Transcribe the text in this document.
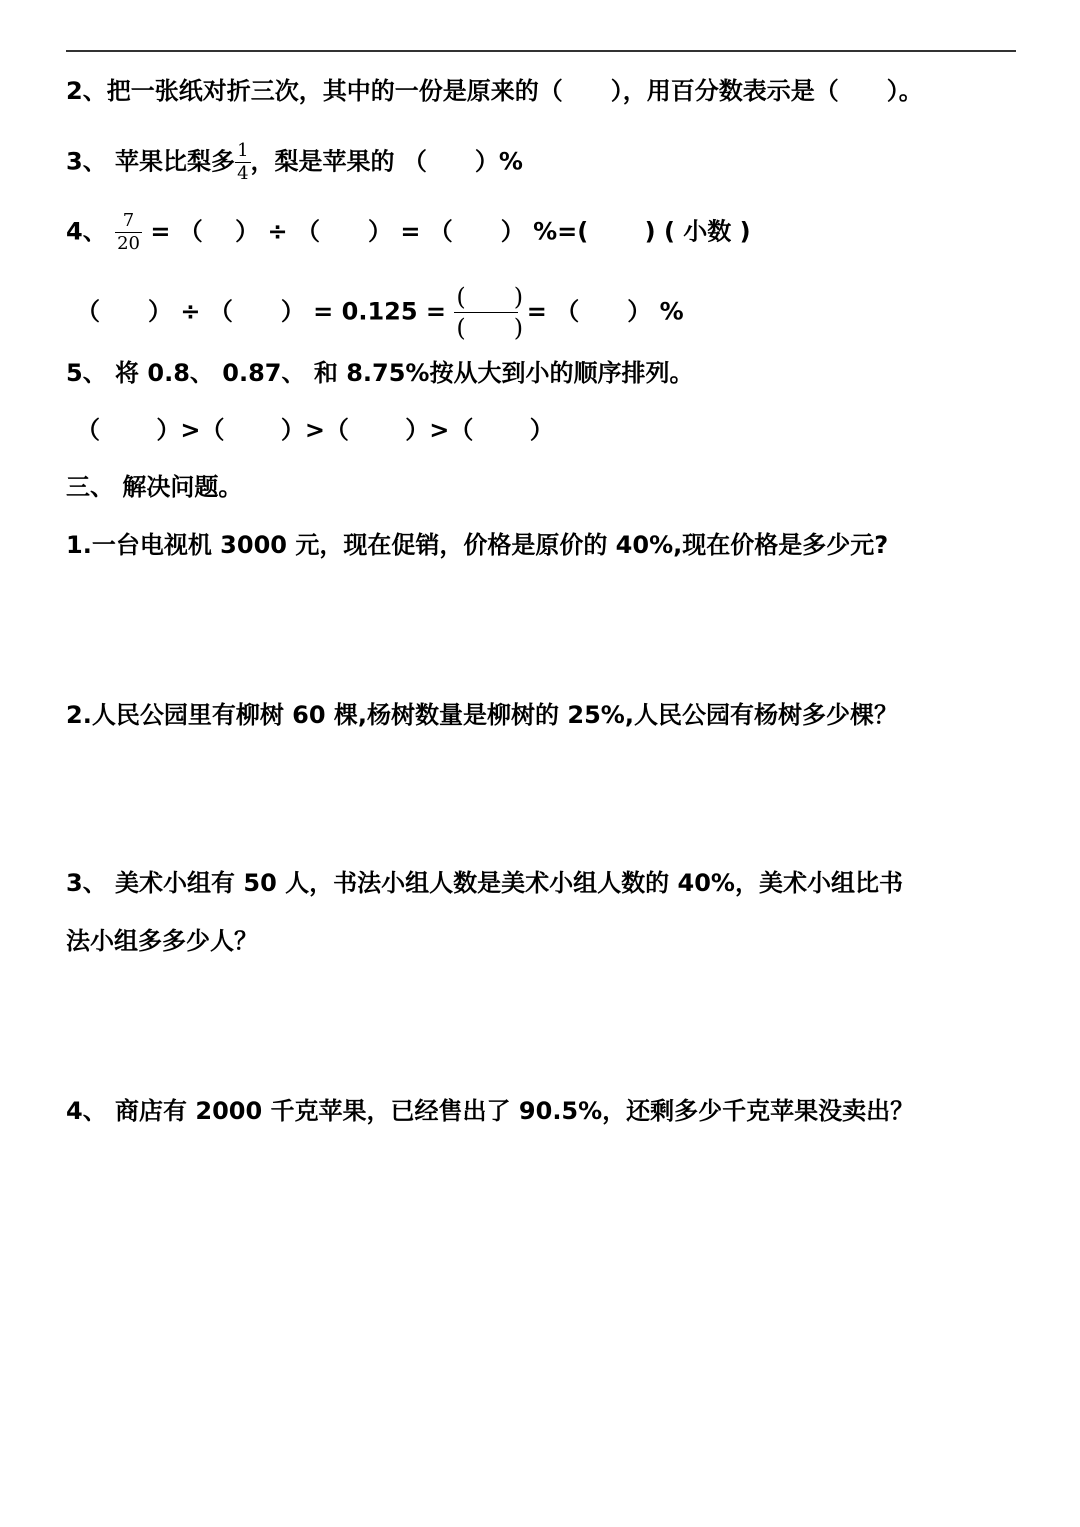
2、把一张纸对折三次，其中的一份是原来的（　　），用百分数表示是（　　）。
3、 苹果比梨多 $\frac{1}{4}$ ，梨是苹果的 （　　）%
4、 $\frac{7}{20}$ = （　 ） ÷ （　　） = （　　） %=(　　 ) ( 小数 )
（　　） ÷ （　　） = $0.125 = \frac{( )}{( )}$ = （　　） %
5、 将 0.8、 0.87、 和 8.75%按从大到小的顺序排列。
（　　 ）>（　　 ）>（　　 ）>（　　 ）
三、 解决问题。
1.一台电视机 3000 元，现在促销，价格是原价的 40%,现在价格是多少元?
2.人民公园里有柳树 60 棵,杨树数量是柳树的 25%,人民公园有杨树多少棵？
3、 美术小组有 50 人，书法小组人数是美术小组人数的 40%，美术小组比书
法小组多多少人？
4、 商店有 2000 千克苹果，已经售出了 90.5%，还剩多少千克苹果没卖出？
